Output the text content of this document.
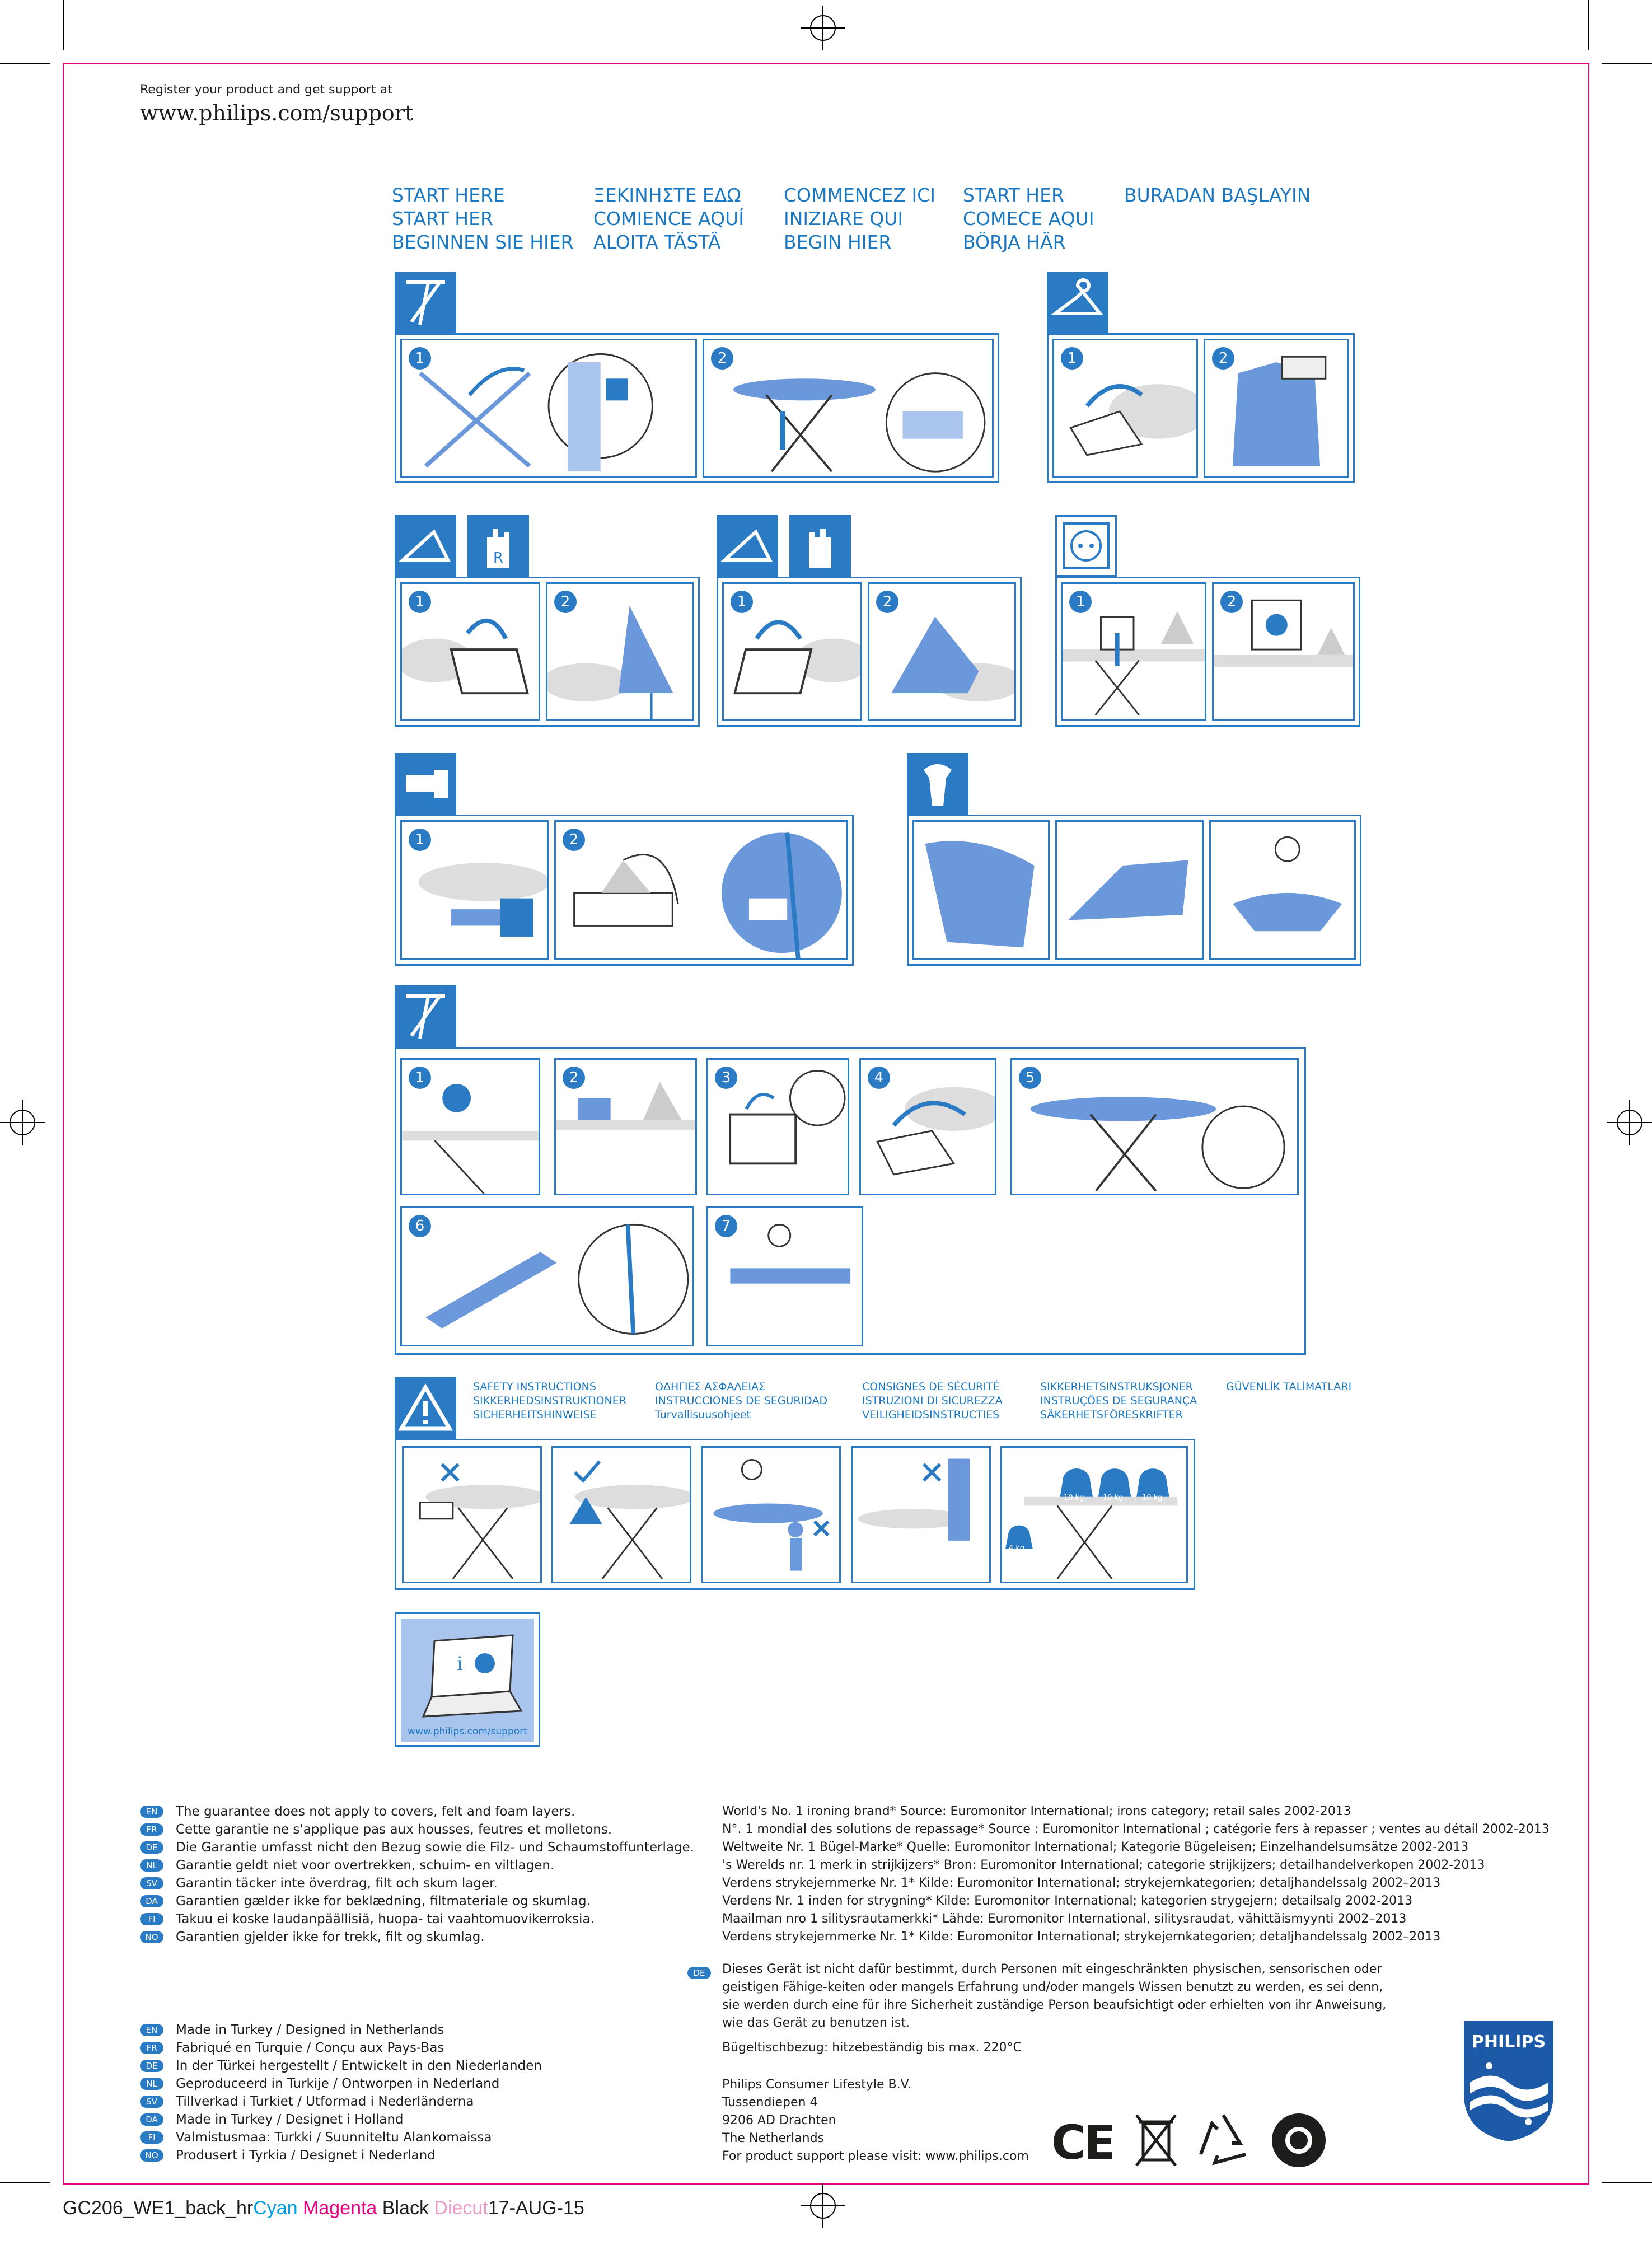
Register your product and get support at
www.philips.com/support
START HERE
START HER
BEGINNEN SIE HIER
ΞΕΚΙΝΗΣΤΕ ΕΔΩ
COMIENCE AQUÍ
ALOITA TÄSTÄ
COMMENCEZ ICI
INIZIARE QUI
BEGIN HIER
START HER
COMECE AQUI
BÖRJA HÄR
BURADAN BAŞLAYIN
1	2	1	2
R
1	2	1	2	1	2
1	2
1	2	3	4	5
6	7
SAFETY INSTRUCTIONS
SIKKERHEDSINSTRUKTIONER
SICHERHEITSHINWEISE
ΟΔΗΓΙΕΣ ΑΣΦΑΛΕΙΑΣ
INSTRUCCIONES DE SEGURIDAD
Turvallisuusohjeet
CONSIGNES DE SÉCURITÉ
ISTRUZIONI DI SICUREZZA
VEILIGHEIDSINSTRUCTIES
SIKKERHETSINSTRUKSJONER
INSTRUÇÕES DE SEGURANÇA
SÄKERHETSFÖRESKRIFTER
GÜVENLİK TALİMATLARI
10 kg	10 kg	10 kg
4 kg
i
www.philips.com/support
EN	The guarantee does not apply to covers, felt and foam layers.
FR	Cette garantie ne s'applique pas aux housses, feutres et molletons.
DE	Die Garantie umfasst nicht den Bezug sowie die Filz- und Schaumstoffunterlage.
NL	Garantie geldt niet voor overtrekken, schuim- en viltlagen.
SV	Garantin täcker inte överdrag, filt och skum lager.
DA	Garantien gælder ikke for beklædning, filtmateriale og skumlag.
FI	Takuu ei koske laudanpäällisiä, huopa- tai vaahtomuovikerroksia.
NO	Garantien gjelder ikke for trekk, filt og skumlag.
EN	Made in Turkey / Designed in Netherlands
FR	Fabriqué en Turquie / Conçu aux Pays-Bas
DE	In der Türkei hergestellt / Entwickelt in den Niederlanden
NL	Geproduceerd in Turkije / Ontworpen in Nederland
SV	Tillverkad i Turkiet / Utformad i Nederländerna
DA	Made in Turkey / Designet i Holland
FI	Valmistusmaa: Turkki / Suunniteltu Alankomaissa
NO	Produsert i Tyrkia / Designet i Nederland
World's No. 1 ironing brand* Source: Euromonitor International; irons category; retail sales 2002-2013
N°. 1 mondial des solutions de repassage* Source : Euromonitor International ; catégorie fers à repasser ; ventes au détail 2002-2013
Weltweite Nr. 1 Bügel-Marke* Quelle: Euromonitor International; Kategorie Bügeleisen; Einzelhandelsumsätze 2002-2013
's Werelds nr. 1 merk in strijkijzers* Bron: Euromonitor International; categorie strijkijzers; detailhandelverkopen 2002-2013
Verdens strykejernmerke Nr. 1* Kilde: Euromonitor International; strykejernkategorien; detaljhandelssalg 2002–2013
Verdens Nr. 1 inden for strygning* Kilde: Euromonitor International; kategorien strygejern; detailsalg 2002-2013
Maailman nro 1 silitysrautamerkki* Lähde: Euromonitor International, silitysraudat, vähittäismyynti 2002–2013
Verdens strykejernmerke Nr. 1* Kilde: Euromonitor International; strykejernkategorien; detaljhandelssalg 2002–2013
DE	Dieses Gerät ist nicht dafür bestimmt, durch Personen mit eingeschränkten physischen, sensorischen oder
geistigen Fähige-keiten oder mangels Erfahrung und/oder mangels Wissen benutzt zu werden, es sei denn,
sie werden durch eine für ihre Sicherheit zuständige Person beaufsichtigt oder erhielten von ihr Anweisung,
wie das Gerät zu benutzen ist.
Bügeltischbezug: hitzebeständig bis max. 220°C
Philips Consumer Lifestyle B.V.
Tussendiepen 4
9206 AD Drachten
The Netherlands
For product support please visit: www.philips.com CE
PHILIPS
GC206_WE1_back_hrCyan Magenta Black Diecut17-AUG-15
